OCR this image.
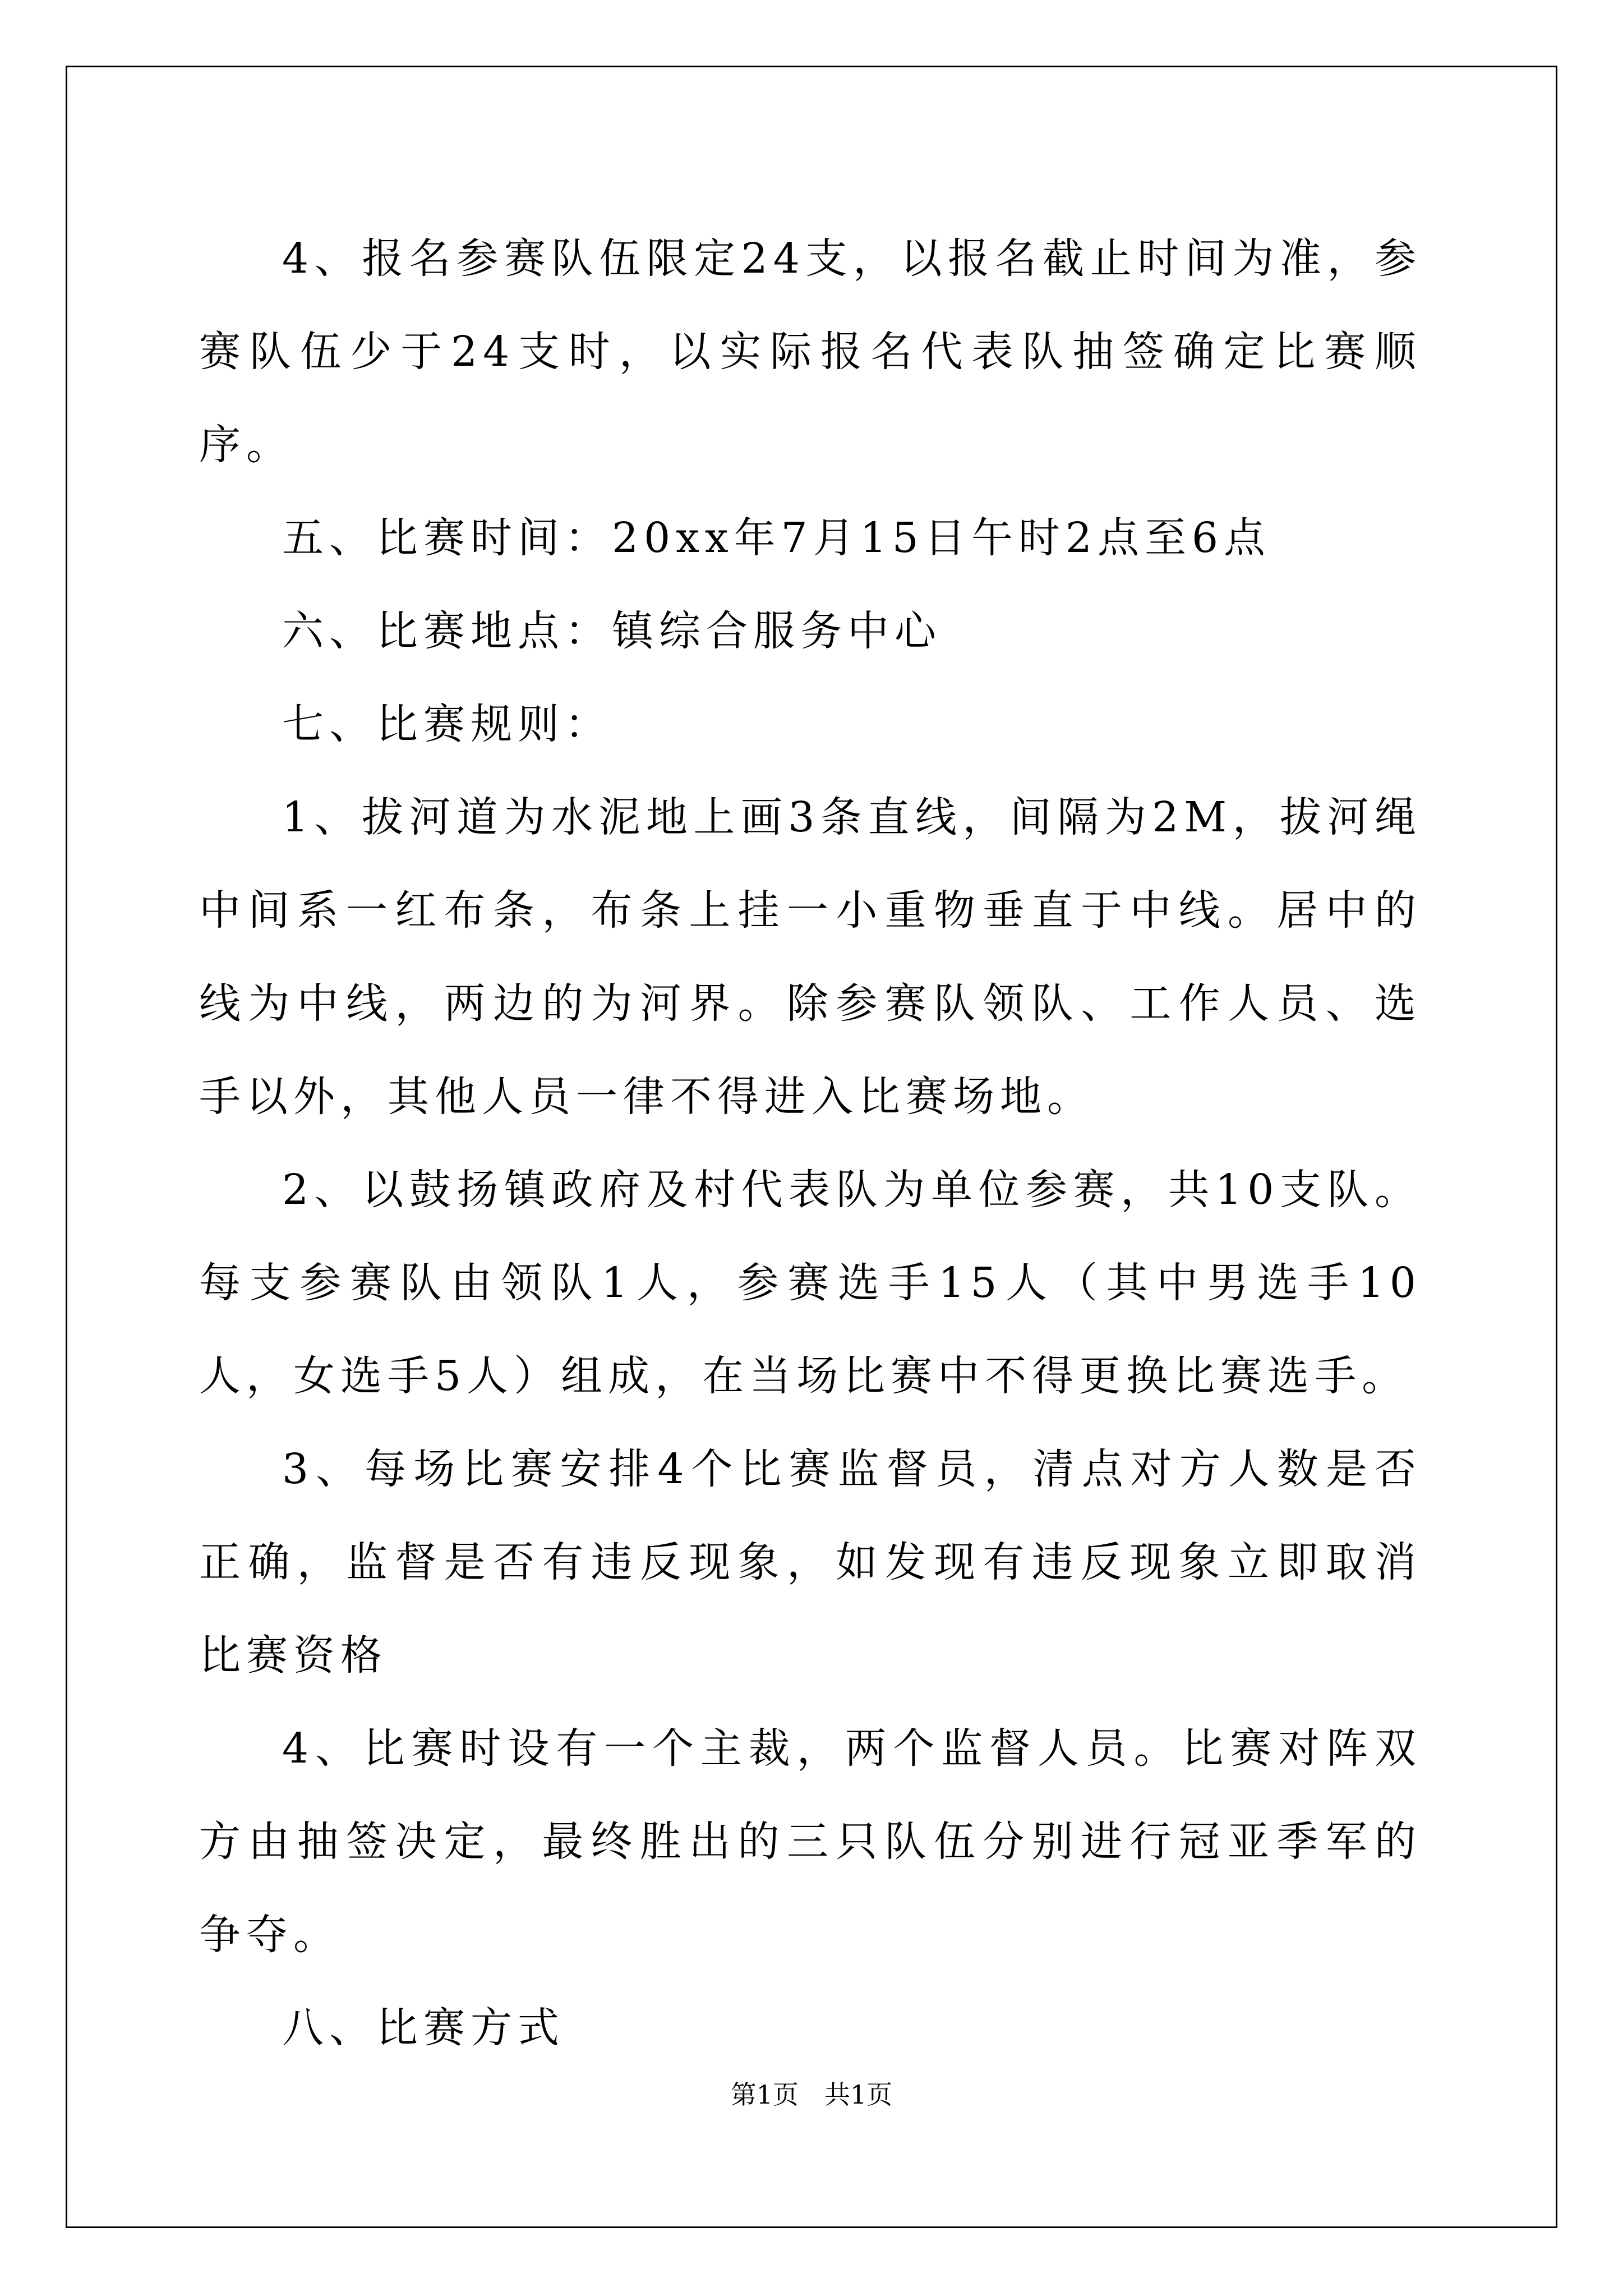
4、报名参赛队伍限定24支，以报名截止时间为准，参赛队伍少于24支时，以实际报名代表队抽签确定比赛顺序。

五、比赛时间：20xx年7月15日午时2点至6点

六、比赛地点：镇综合服务中心

七、比赛规则：

1、拔河道为水泥地上画3条直线，间隔为2M，拔河绳中间系一红布条，布条上挂一小重物垂直于中线。居中的线为中线，两边的为河界。除参赛队领队、工作人员、选手以外，其他人员一律不得进入比赛场地。

2、以鼓扬镇政府及村代表队为单位参赛，共10支队。每支参赛队由领队1人，参赛选手15人（其中男选手10人，女选手5人）组成，在当场比赛中不得更换比赛选手。

3、每场比赛安排4个比赛监督员，清点对方人数是否正确，监督是否有违反现象，如发现有违反现象立即取消比赛资格

4、比赛时设有一个主裁，两个监督人员。比赛对阵双方由抽签决定，最终胜出的三只队伍分别进行冠亚季军的争夺。

八、比赛方式

第1页　共1页
